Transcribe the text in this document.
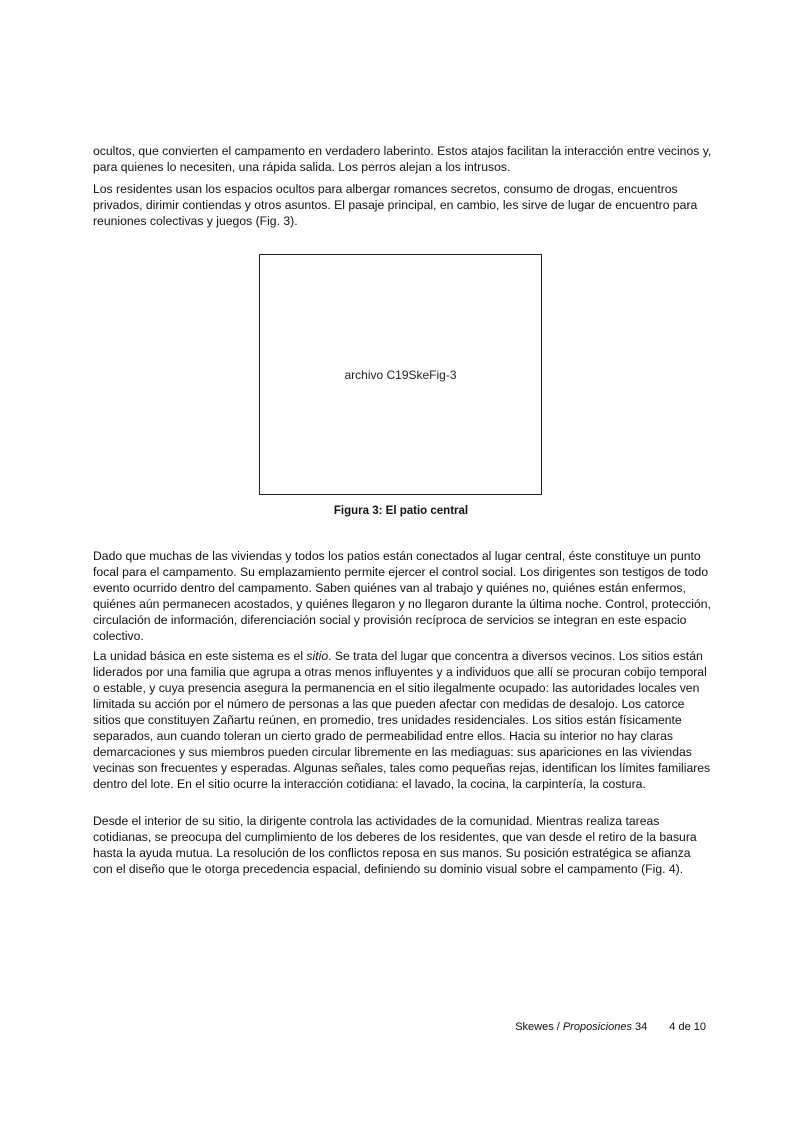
ocultos, que convierten el campamento en verdadero laberinto. Estos atajos facilitan la interacción entre vecinos y, para quienes lo necesiten, una rápida salida. Los perros alejan a los intrusos.

Los residentes usan los espacios ocultos para albergar romances secretos, consumo de drogas, encuentros privados, dirimir contiendas y otros asuntos. El pasaje principal, en cambio, les sirve de lugar de encuentro para reuniones colectivas y juegos (Fig. 3).

archivo C19SkeFig-3
Figura 3: El patio central

Dado que muchas de las viviendas y todos los patios están conectados al lugar central, éste constituye un punto focal para el campamento. Su emplazamiento permite ejercer el control social. Los dirigentes son testigos de todo evento ocurrido dentro del campamento. Saben quiénes van al trabajo y quiénes no, quiénes están enfermos, quiénes aún permanecen acostados, y quiénes llegaron y no llegaron durante la última noche. Control, protección, circulación de información, diferenciación social y provisión recíproca de servicios se integran en este espacio colectivo.

La unidad básica en este sistema es el sitio. Se trata del lugar que concentra a diversos vecinos. Los sitios están liderados por una familia que agrupa a otras menos influyentes y a individuos que allí se procuran cobijo temporal o estable, y cuya presencia asegura la permanencia en el sitio ilegalmente ocupado: las autoridades locales ven limitada su acción por el número de personas a las que pueden afectar con medidas de desalojo. Los catorce sitios que constituyen Zañartu reúnen, en promedio, tres unidades residenciales. Los sitios están físicamente separados, aun cuando toleran un cierto grado de permeabilidad entre ellos. Hacia su interior no hay claras demarcaciones y sus miembros pueden circular libremente en las mediaguas: sus apariciones en las viviendas vecinas son frecuentes y esperadas. Algunas señales, tales como pequeñas rejas, identifican los límites familiares dentro del lote. En el sitio ocurre la interacción cotidiana: el lavado, la cocina, la carpintería, la costura.

Desde el interior de su sitio, la dirigente controla las actividades de la comunidad. Mientras realiza tareas cotidianas, se preocupa del cumplimiento de los deberes de los residentes, que van desde el retiro de la basura hasta la ayuda mutua. La resolución de los conflictos reposa en sus manos. Su posición estratégica se afianza con el diseño que le otorga precedencia espacial, definiendo su dominio visual sobre el campamento (Fig. 4).

Skewes / Proposiciones 34 4 de 10
